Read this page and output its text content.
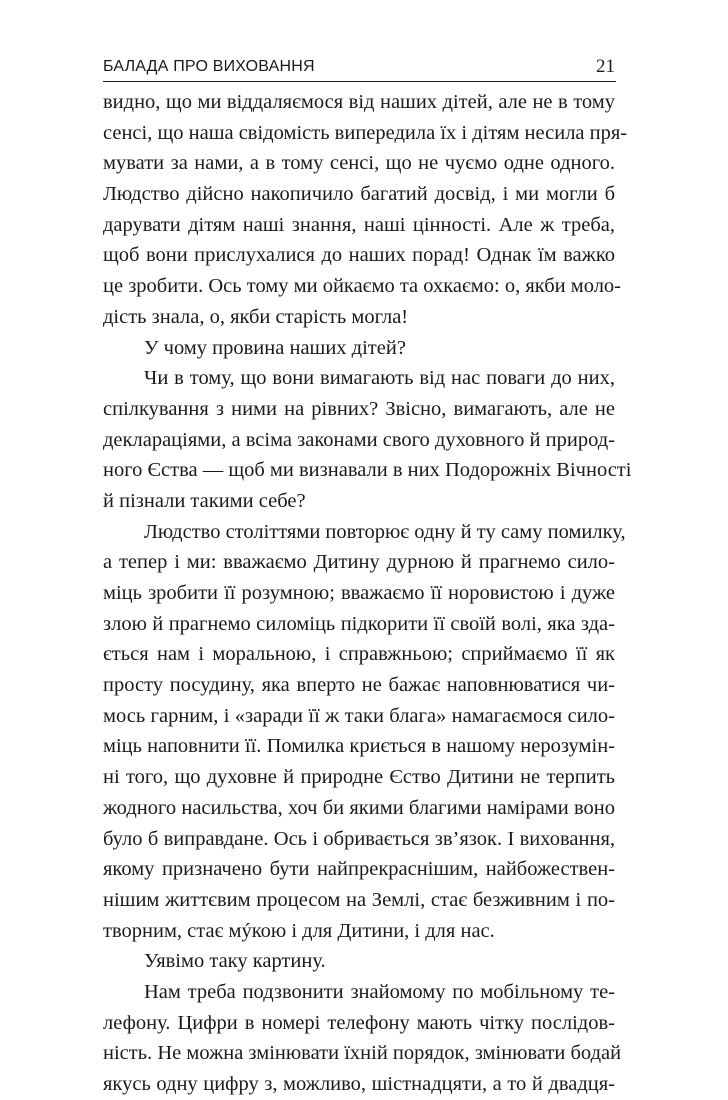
БАЛАДА ПРО ВИХОВАННЯ	21
видно, що ми віддаляємося від наших дітей, але не в тому
сенсі, що наша свідомість випередила їх і дітям несила пря-
мувати за нами, а в тому сенсі, що не чуємо одне одного.
Людство дійсно накопичило багатий досвід, і ми могли б
дарувати дітям наші знання, наші цінності. Але ж треба,
щоб вони прислухалися до наших порад! Однак їм важко
це зробити. Ось тому ми ойкаємо та охкаємо: о, якби моло-
дість знала, о, якби старість могла!
У чому провина наших дітей?
Чи в тому, що вони вимагають від нас поваги до них,
спілкування з ними на рівних? Звісно, вимагають, але не
деклараціями, а всіма законами свого духовного й природ-
ного Єства — щоб ми визнавали в них Подорожніх Вічності
й пізнали такими себе?
Людство століттями повторює одну й ту саму помилку,
а тепер і ми: вважаємо Дитину дурною й прагнемо сило-
міць зробити її розумною; вважаємо її норовистою і дуже
злою й прагнемо силоміць підкорити її своїй волі, яка зда-
ється нам і моральною, і справжньою; сприймаємо її як
просту посудину, яка вперто не бажає наповнюватися чи-
мось гарним, і «заради її ж таки блага» намагаємося сило-
міць наповнити її. Помилка криється в нашому нерозумін-
ні того, що духовне й природне Єство Дитини не терпить
жодного насильства, хоч би якими благими намірами воно
було б виправдане. Ось і обривається зв’язок. І виховання,
якому призначено бути найпрекраснішим, найбожествен-
нішим життєвим процесом на Землі, стає безживним і по-
творним, стає мýкою і для Дитини, і для нас.
Уявімо таку картину.
Нам треба подзвонити знайомому по мобільному те-
лефону. Цифри в номері телефону мають чітку послідов-
ність. Не можна змінювати їхній порядок, змінювати бодай
якусь одну цифру з, можливо, шістнадцяти, а то й двадця-
